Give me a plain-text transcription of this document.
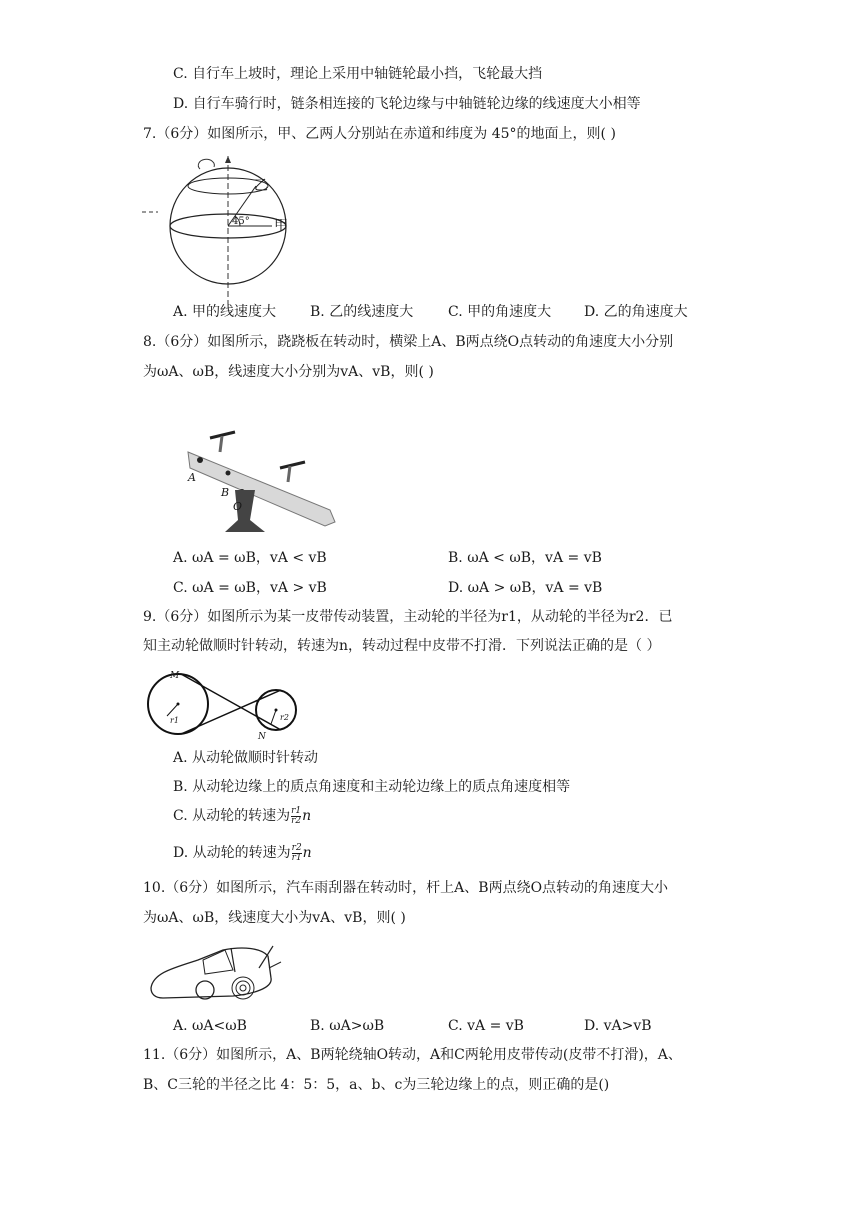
C. 自行车上坡时，理论上采用中轴链轮最小挡，飞轮最大挡
D. 自行车骑行时，链条相连接的飞轮边缘与中轴链轮边缘的线速度大小相等
7.（6分）如图所示，甲、乙两人分别站在赤道和纬度为 45°的地面上，则( )
乙
甲
45°
A. 甲的线速度大 B. 乙的线速度大 C. 甲的角速度大 D. 乙的角速度大
8.（6分）如图所示，跷跷板在转动时，横梁上A、B两点绕O点转动的角速度大小分别
为ωA、ωB，线速度大小分别为vA、vB，则( )
A
B
O
A. ωA = ωB，vA < vB	B. ωA < ωB，vA = vB
C. ωA = ωB，vA > vB	D. ωA > ωB，vA = vB
9.（6分）如图所示为某一皮带传动装置，主动轮的半径为r1，从动轮的半径为r2．已
知主动轮做顺时针转动，转速为n，转动过程中皮带不打滑．下列说法正确的是（ ）
M
N
r1	r2
A. 从动轮做顺时针转动
B. 从动轮边缘上的质点角速度和主动轮边缘上的质点角速度相等
C. 从动轮的转速为 $\frac{r1}{r2}$ n
D. 从动轮的转速为 $\frac{r2}{r1}$ n
10.（6分）如图所示，汽车雨刮器在转动时，杆上A、B两点绕O点转动的角速度大小
为ωA、ωB，线速度大小为vA、vB，则( )
A. ωA<ωB	B. ωA>ωB	C. vA = vB	D. vA>vB
11.（6分）如图所示，A、B两轮绕轴O转动，A和C两轮用皮带传动(皮带不打滑)，A、
B、C三轮的半径之比 4：5：5，a、b、c为三轮边缘上的点，则正确的是()
